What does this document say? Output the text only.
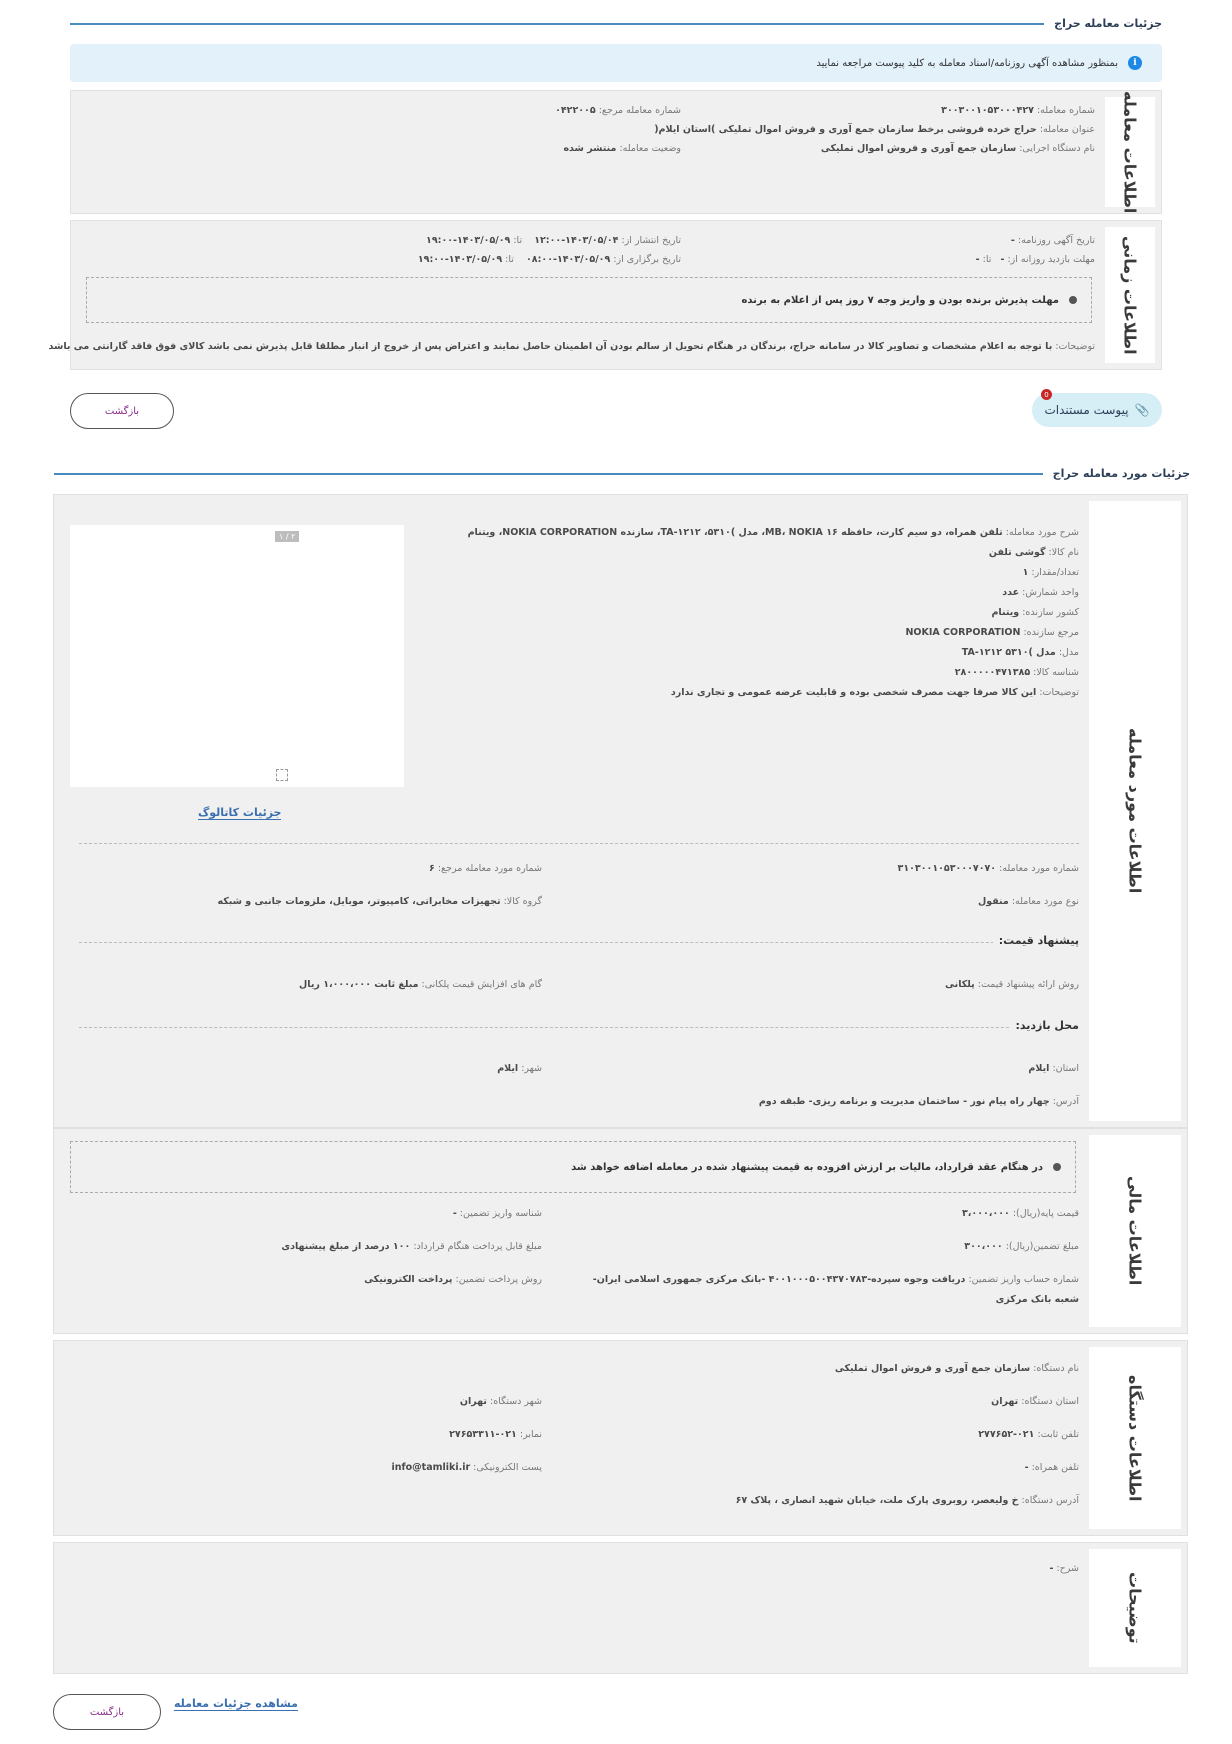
جزئیات معامله حراج
i
بمنظور مشاهده آگهی روزنامه/اسناد معامله به کلید پیوست مراجعه نمایید
اطلاعات معامله
شماره معامله: ۳۰۰۳۰۰۱۰۵۳۰۰۰۴۲۷
شماره معامله مرجع: ۰۴۲۲۰۰۵
عنوان معامله: حراج خرده فروشی برخط سازمان جمع آوری و فروش اموال تملیکی )استان ایلام(
نام دستگاه اجرایی: سازمان جمع آوری و فروش اموال تملیکی
وضعیت معامله: منتشر شده
اطلاعات زمانی
تاریخ آگهی روزنامه: -
تاریخ انتشار از: ۱۴۰۳/۰۵/۰۴-۱۲:۰۰    تا: ۱۴۰۳/۰۵/۰۹-۱۹:۰۰
مهلت بازدید روزانه از: -   تا: -
تاریخ برگزاری از: ۱۴۰۳/۰۵/۰۹-۰۸:۰۰    تا: ۱۴۰۳/۰۵/۰۹-۱۹:۰۰
مهلت پذیرش برنده بودن و واریز وجه ۷ روز پس از اعلام به برنده
توضیحات: با توجه به اعلام مشخصات و تصاویر کالا در سامانه حراج، برندگان در هنگام تحویل از سالم بودن آن اطمینان حاصل نمایند و اعتراض پس از خروج از انبار مطلقا قابل پذیرش نمی باشد کالای فوق فاقد گارانتی می باشد
0
📎
پیوست مستندات
بازگشت
جزئیات مورد معامله حراج
اطلاعات مورد معامله
شرح مورد معامله: تلفن همراه، دو سیم کارت، حافظه ۱۶ MB، NOKIA، مدل )TA-۱۲۱۲ ،۵۳۱۰، سازنده NOKIA CORPORATION، ویتنام
نام کالا: گوشی تلفن
تعداد/مقدار: ۱
واحد شمارش: عدد
کشور سازنده: ویتنام
مرجع سازنده: NOKIA CORPORATION
مدل: مدل )TA-۱۲۱۲ ۵۳۱۰
شناسه کالا: ۲۸۰۰۰۰۰۴۷۱۳۸۵
توضیحات: این کالا صرفا جهت مصرف شخصی بوده و قابلیت عرضه عمومی و تجاری ندارد
شماره مورد معامله: ۳۱۰۳۰۰۱۰۵۳۰۰۰۷۰۷۰
شماره مورد معامله مرجع: ۶
نوع مورد معامله: منقول
گروه کالا: تجهیزات مخابراتی، کامپیوتر، موبایل، ملزومات جانبی و شبکه
پیشنهاد قیمت:
روش ارائه پیشنهاد قیمت: پلکانی
گام های افزایش قیمت پلکانی: مبلغ ثابت ۱،۰۰۰،۰۰۰ ریال
محل بازدید:
استان: ایلام
شهر: ایلام
آدرس: چهار راه پیام نور - ساختمان مدیریت و برنامه ریزی- طبقه دوم
۱ / ۲
جزئیات کاتالوگ
اطلاعات مالی
در هنگام عقد قرارداد، مالیات بر ارزش افزوده به قیمت پیشنهاد شده در معامله اضافه خواهد شد
قیمت پایه(ریال): ۳،۰۰۰،۰۰۰
شناسه واریز تضمین: -
مبلغ تضمین(ریال): ۳۰۰،۰۰۰
مبلغ قابل پرداخت هنگام قرارداد: ۱۰۰ درصد از مبلغ پیشنهادی
شماره حساب واریز تضمین: دریافت وجوه سپرده-۴۰۰۱۰۰۰۵۰۰۴۳۷۰۷۸۳ -بانک مرکزی جمهوری اسلامی ایران-
شعبه بانک مرکزی
روش پرداخت تضمین: پرداخت الکترونیکی
اطلاعات دستگاه
نام دستگاه: سازمان جمع آوری و فروش اموال تملیکی
استان دستگاه: تهران
شهر دستگاه: تهران
تلفن ثابت: ۰۲۱-۲۷۷۶۵۲
نمابر: ۰۲۱-۲۷۶۵۳۳۱۱
تلفن همراه: -
پست الکترونیکی: info@tamliki.ir
آدرس دستگاه: خ ولیعصر، روبروی پارک ملت، خیابان شهید انصاری ، پلاک ۶۷
توضیحات
شرح: -
مشاهده جزئیات معامله
بازگشت
